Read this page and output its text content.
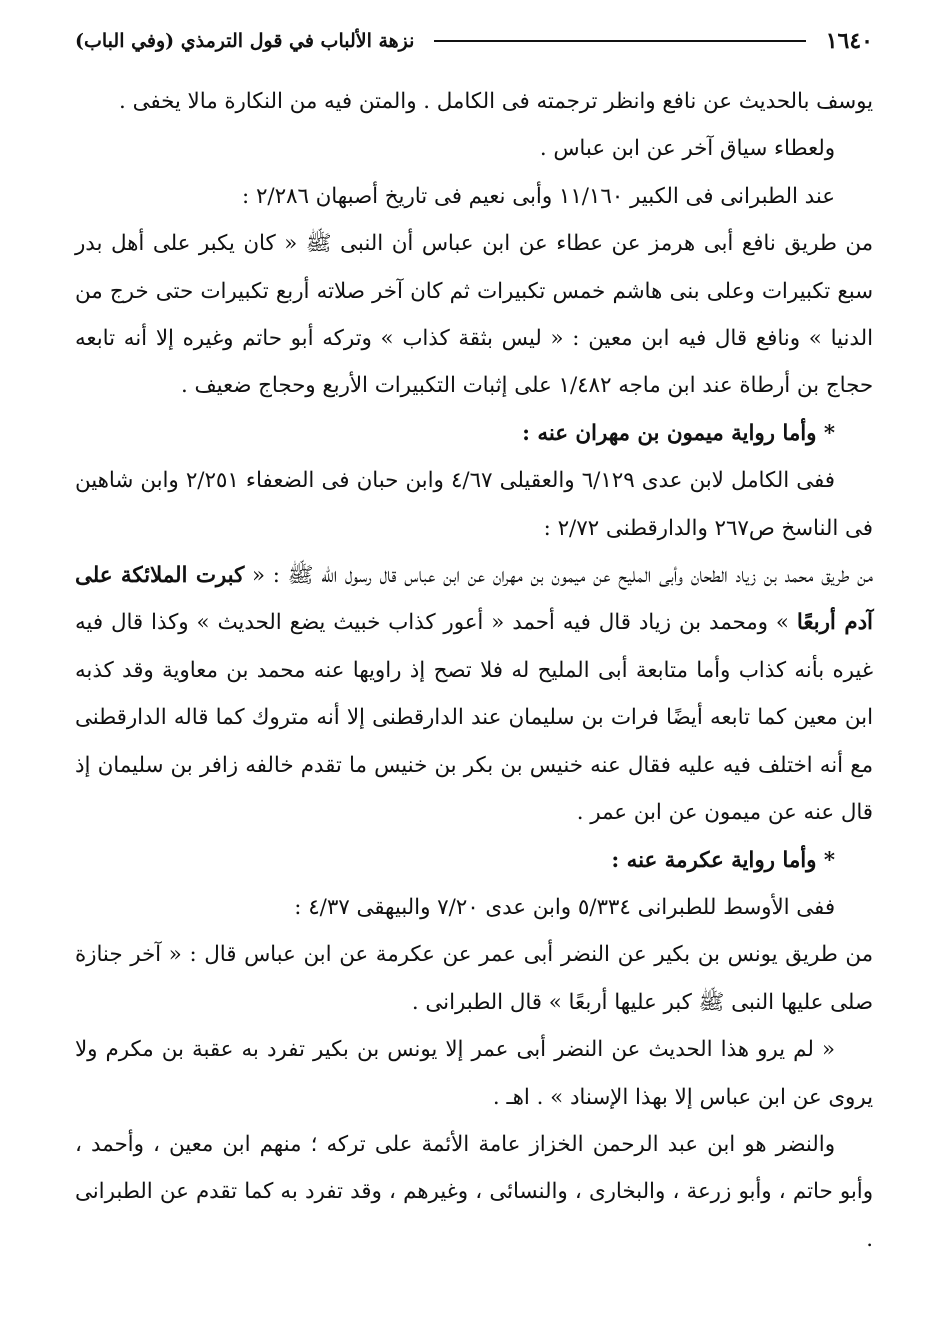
١٦٤٠
نزهة الألباب في قول الترمذي (وفي الباب)

يوسف بالحديث عن نافع وانظر ترجمته فى الكامل . والمتن فيه من النكارة مالا يخفى .

ولعطاء سياق آخر عن ابن عباس .

عند الطبرانى فى الكبير ١١/١٦٠ وأبى نعيم فى تاريخ أصبهان ٢/٢٨٦ :

من طريق نافع أبى هرمز عن عطاء عن ابن عباس أن النبى ﷺ « كان يكبر على أهل بدر سبع تكبيرات وعلى بنى هاشم خمس تكبيرات ثم كان آخر صلاته أربع تكبيرات حتى خرج من الدنيا » ونافع قال فيه ابن معين : « ليس بثقة كذاب » وتركه أبو حاتم وغيره إلا أنه تابعه حجاج بن أرطاة عند ابن ماجه ١/٤٨٢ على إثبات التكبيرات الأربع وحجاج ضعيف .

* وأما رواية ميمون بن مهران عنه :

ففى الكامل لابن عدى ٦/١٢٩ والعقيلى ٤/٦٧ وابن حبان فى الضعفاء ٢/٢٥١ وابن شاهين فى الناسخ ص٢٦٧ والدارقطنى ٢/٧٢ :

من طريق محمد بن زياد الطحان وأبى المليح عن ميمون بن مهران عن ابن عباس قال رسول الله ﷺ : « كبرت الملائكة على آدم أربعًا » ومحمد بن زياد قال فيه أحمد « أعور كذاب خبيث يضع الحديث » وكذا قال فيه غيره بأنه كذاب وأما متابعة أبى المليح له فلا تصح إذ راويها عنه محمد بن معاوية وقد كذبه ابن معين كما تابعه أيضًا فرات بن سليمان عند الدارقطنى إلا أنه متروك كما قاله الدارقطنى مع أنه اختلف فيه عليه فقال عنه خنيس بن بكر بن خنيس ما تقدم خالفه زافر بن سليمان إذ قال عنه عن ميمون عن ابن عمر .

* وأما رواية عكرمة عنه :

ففى الأوسط للطبرانى ٥/٣٣٤ وابن عدى ٧/٢٠ والبيهقى ٤/٣٧ :

من طريق يونس بن بكير عن النضر أبى عمر عن عكرمة عن ابن عباس قال : « آخر جنازة صلى عليها النبى ﷺ كبر عليها أربعًا » قال الطبرانى .

« لم يرو هذا الحديث عن النضر أبى عمر إلا يونس بن بكير تفرد به عقبة بن مكرم ولا يروى عن ابن عباس إلا بهذا الإسناد » . اهـ .

والنضر هو ابن عبد الرحمن الخزاز عامة الأئمة على تركه ؛ منهم ابن معين ، وأحمد ، وأبو حاتم ، وأبو زرعة ، والبخارى ، والنسائى ، وغيرهم ، وقد تفرد به كما تقدم عن الطبرانى .
